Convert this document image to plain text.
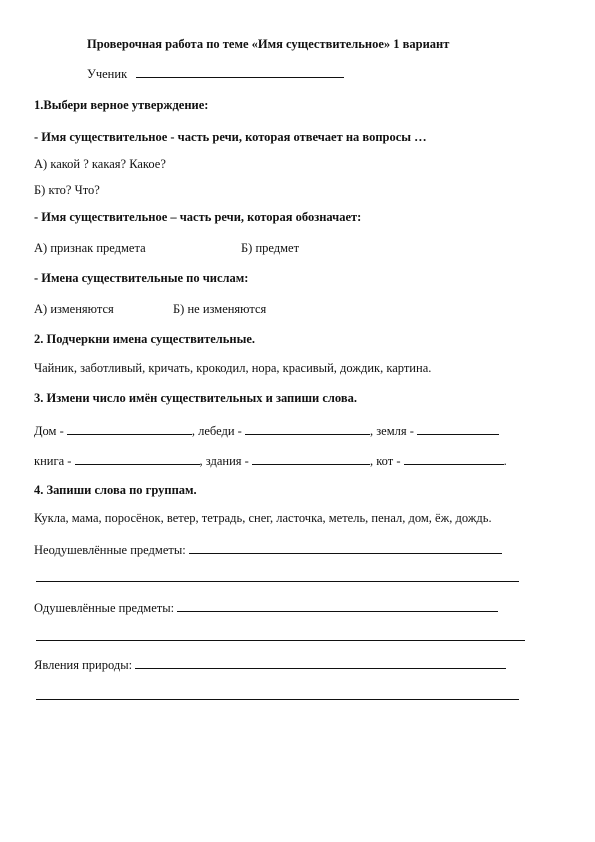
Проверочная работа по теме «Имя существительное» 1 вариант
Ученик
1.Выбери верное утверждение:
- Имя существительное - часть речи, которая отвечает на вопросы …
А) какой ? какая? Какое?
Б) кто? Что?
- Имя существительное – часть речи, которая обозначает:
А) признак предмета	Б) предмет
- Имена существительные по числам:
А) изменяются	Б) не изменяются
2. Подчеркни имена существительные.
Чайник, заботливый, кричать, крокодил, нора, красивый, дождик, картина.
3. Измени число имён существительных и запиши слова.
Дом -	, лебеди -	, земля -
книга -	, здания -	, кот -	.
4. Запиши слова по группам.
Кукла, мама, поросёнок, ветер, тетрадь, снег, ласточка, метель, пенал, дом, ёж, дождь.
Неодушевлённые предметы:
Одушевлённые предметы:
Явления природы:
